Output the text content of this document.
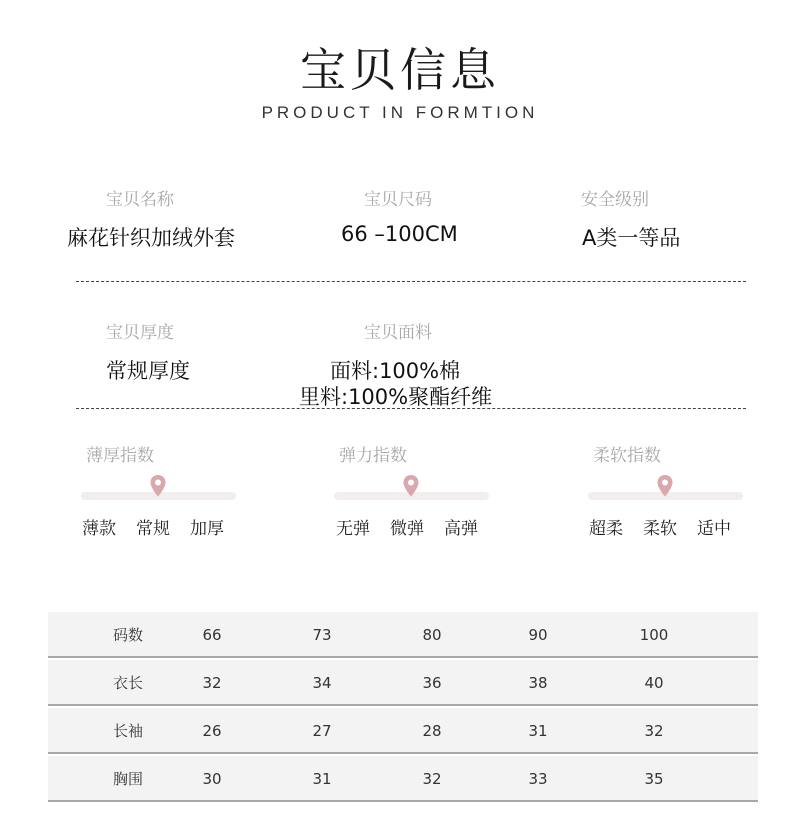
宝贝信息
PRODUCT IN FORMTION
宝贝名称
麻花针织加绒外套
宝贝尺码
66 –100CM
安全级别
A类一等品
宝贝厚度
常规厚度
宝贝面料
面料:100%棉
里料:100%聚酯纤维
薄厚指数
薄款 常规 加厚
弹力指数
无弹 微弹 高弹
柔软指数
超柔 柔软 适中
码数	66	73	80	90	100
衣长	32	34	36	38	40
长袖	26	27	28	31	32
胸围	30	31	32	33	35
